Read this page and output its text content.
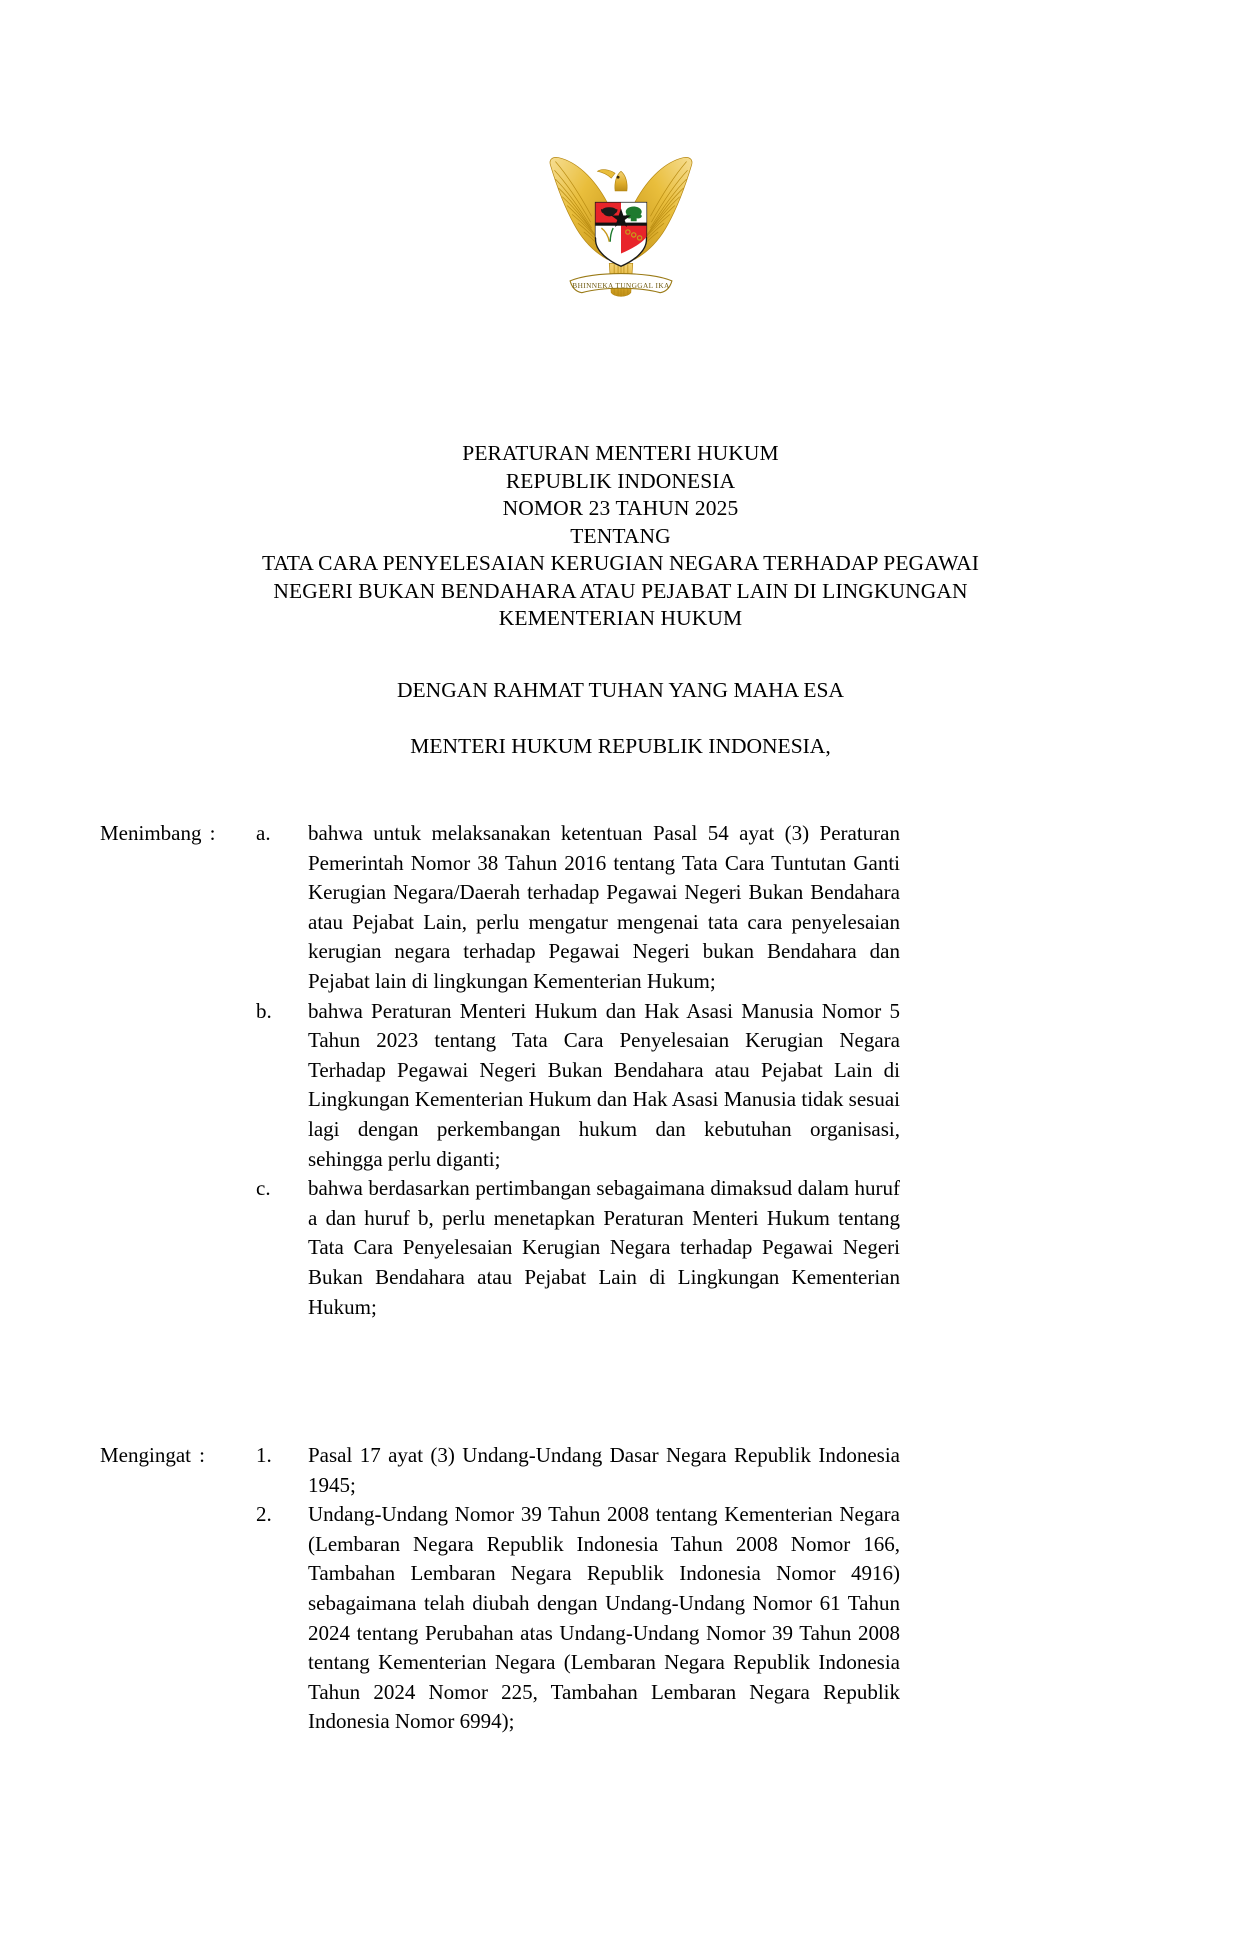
BHINNEKA TUNGGAL IKA
PERATURAN MENTERI HUKUM
REPUBLIK INDONESIA
NOMOR 23 TAHUN 2025
TENTANG
TATA CARA PENYELESAIAN KERUGIAN NEGARA TERHADAP PEGAWAI
NEGERI BUKAN BENDAHARA ATAU PEJABAT LAIN DI LINGKUNGAN
KEMENTERIAN HUKUM
DENGAN RAHMAT TUHAN YANG MAHA ESA
MENTERI HUKUM REPUBLIK INDONESIA,
Menimbang :	a.	bahwa untuk melaksanakan ketentuan Pasal 54 ayat (3) Peraturan Pemerintah Nomor 38 Tahun 2016 tentang Tata Cara Tuntutan Ganti Kerugian Negara/Daerah terhadap Pegawai Negeri Bukan Bendahara atau Pejabat Lain, perlu mengatur mengenai tata cara penyelesaian kerugian negara terhadap Pegawai Negeri bukan Bendahara dan Pejabat lain di lingkungan Kementerian Hukum;
b.	bahwa Peraturan Menteri Hukum dan Hak Asasi Manusia Nomor 5 Tahun 2023 tentang Tata Cara Penyelesaian Kerugian Negara Terhadap Pegawai Negeri Bukan Bendahara atau Pejabat Lain di Lingkungan Kementerian Hukum dan Hak Asasi Manusia tidak sesuai lagi dengan perkembangan hukum dan kebutuhan organisasi, sehingga perlu diganti;
c.	bahwa berdasarkan pertimbangan sebagaimana dimaksud dalam huruf a dan huruf b, perlu menetapkan Peraturan Menteri Hukum tentang Tata Cara Penyelesaian Kerugian Negara terhadap Pegawai Negeri Bukan Bendahara atau Pejabat Lain di Lingkungan Kementerian Hukum;
Mengingat :	1.	Pasal 17 ayat (3) Undang-Undang Dasar Negara Republik Indonesia 1945;
2.	Undang-Undang Nomor 39 Tahun 2008 tentang Kementerian Negara (Lembaran Negara Republik Indonesia Tahun 2008 Nomor 166, Tambahan Lembaran Negara Republik Indonesia Nomor 4916) sebagaimana telah diubah dengan Undang-Undang Nomor 61 Tahun 2024 tentang Perubahan atas Undang-Undang Nomor 39 Tahun 2008 tentang Kementerian Negara (Lembaran Negara Republik Indonesia Tahun 2024 Nomor 225, Tambahan Lembaran Negara Republik Indonesia Nomor 6994);
